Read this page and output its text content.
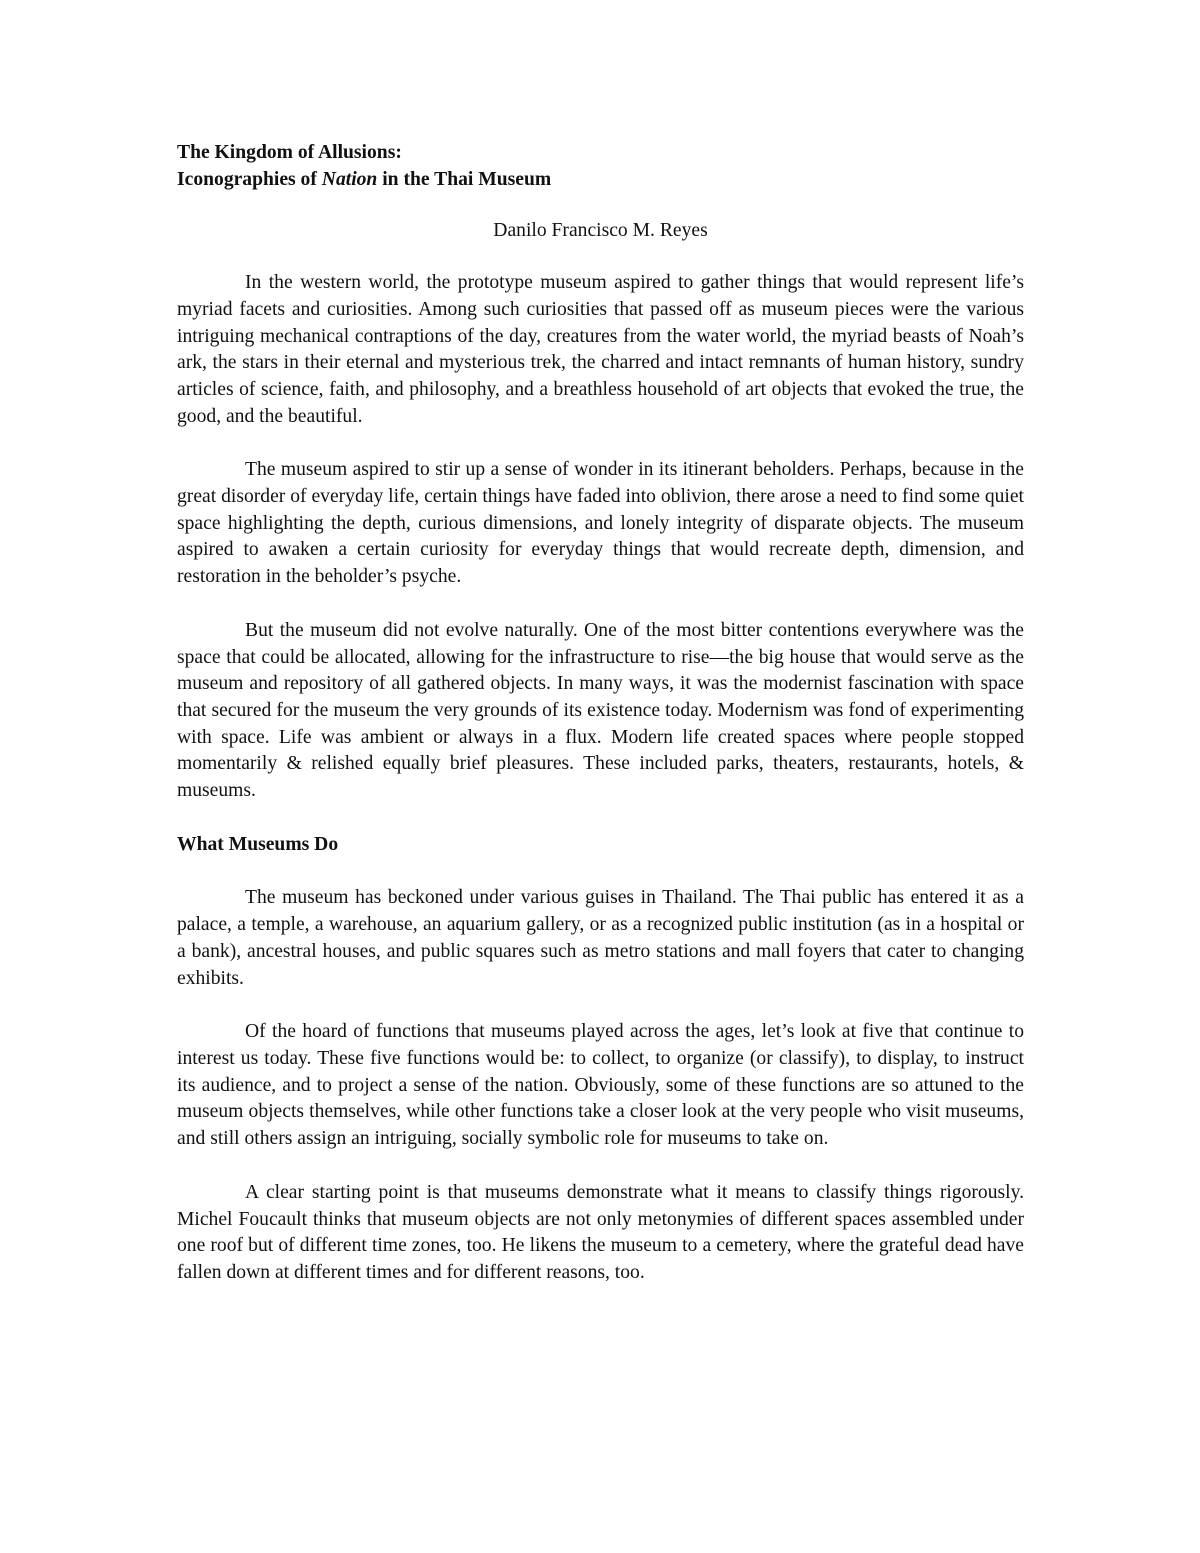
The Kingdom of Allusions:
Iconographies of Nation in the Thai Museum
Danilo Francisco M. Reyes

In the western world, the prototype museum aspired to gather things that would represent life’s myriad facets and curiosities. Among such curiosities that passed off as museum pieces were the various intriguing mechanical contraptions of the day, creatures from the water world, the myriad beasts of Noah’s ark, the stars in their eternal and mysterious trek, the charred and intact remnants of human history, sundry articles of science, faith, and philosophy, and a breathless household of art objects that evoked the true, the good, and the beautiful.

The museum aspired to stir up a sense of wonder in its itinerant beholders. Perhaps, because in the great disorder of everyday life, certain things have faded into oblivion, there arose a need to find some quiet space highlighting the depth, curious dimensions, and lonely integrity of disparate objects. The museum aspired to awaken a certain curiosity for everyday things that would recreate depth, dimension, and restoration in the beholder’s psyche.

But the museum did not evolve naturally. One of the most bitter contentions everywhere was the space that could be allocated, allowing for the infrastructure to rise—the big house that would serve as the museum and repository of all gathered objects. In many ways, it was the modernist fascination with space that secured for the museum the very grounds of its existence today. Modernism was fond of experimenting with space. Life was ambient or always in a flux. Modern life created spaces where people stopped momentarily & relished equally brief pleasures. These included parks, theaters, restaurants, hotels, & museums.

What Museums Do

The museum has beckoned under various guises in Thailand. The Thai public has entered it as a palace, a temple, a warehouse, an aquarium gallery, or as a recognized public institution (as in a hospital or a bank), ancestral houses, and public squares such as metro stations and mall foyers that cater to changing exhibits.

Of the hoard of functions that museums played across the ages, let’s look at five that continue to interest us today. These five functions would be: to collect, to organize (or classify), to display, to instruct its audience, and to project a sense of the nation. Obviously, some of these functions are so attuned to the museum objects themselves, while other functions take a closer look at the very people who visit museums, and still others assign an intriguing, socially symbolic role for museums to take on.

A clear starting point is that museums demonstrate what it means to classify things rigorously. Michel Foucault thinks that museum objects are not only metonymies of different spaces assembled under one roof but of different time zones, too. He likens the museum to a cemetery, where the grateful dead have fallen down at different times and for different reasons, too.
